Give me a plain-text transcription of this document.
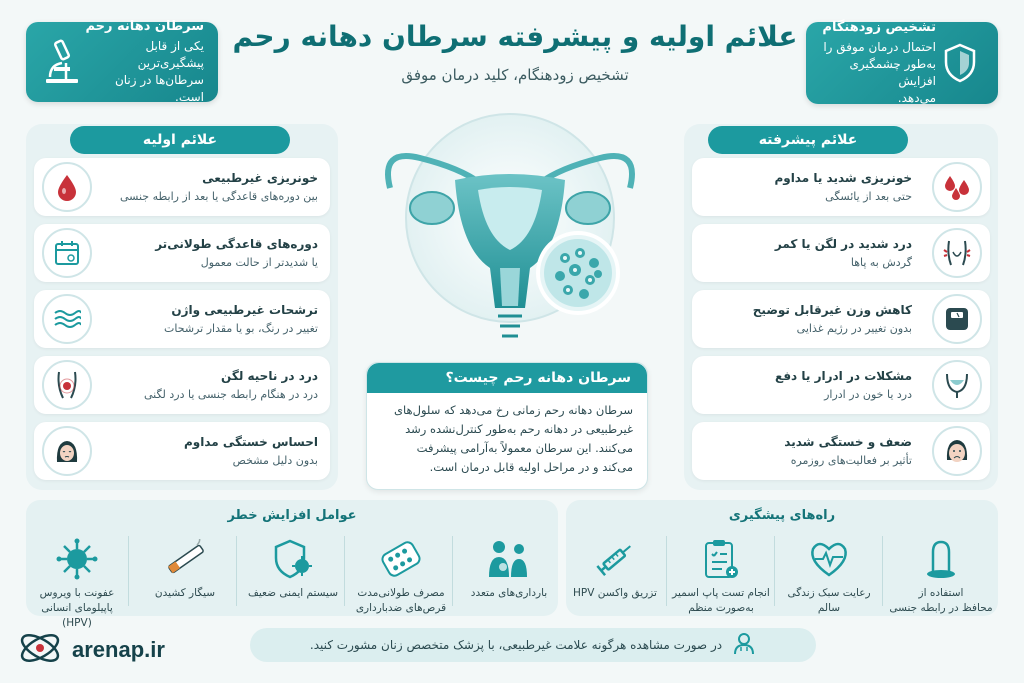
علائم اولیه و پیشرفته سرطان دهانه رحم
تشخیص زودهنگام، کلید درمان موفق
سرطان دهانه رحم
یکی از قابل پیشگیری‌ترین
سرطان‌ها در زنان است.
تشخیص زودهنگام
احتمال درمان موفق را
به‌طور چشمگیری افزایش
می‌دهد.
علائم اولیه
خونریزی غیرطبیعی
بین دوره‌های قاعدگی یا بعد از رابطه جنسی
دوره‌های قاعدگی طولانی‌تر
یا شدیدتر از حالت معمول
ترشحات غیرطبیعی واژن
تغییر در رنگ، بو یا مقدار ترشحات
درد در ناحیه لگن
درد در هنگام رابطه جنسی یا درد لگنی
احساس خستگی مداوم
بدون دلیل مشخص
علائم پیشرفته
خونریزی شدید یا مداوم
حتی بعد از یائسگی
درد شدید در لگن یا کمر
گردش به پاها
کاهش وزن غیرقابل توضیح
بدون تغییر در رژیم غذایی
مشکلات در ادرار یا دفع
درد یا خون در ادرار
ضعف و خستگی شدید
تأثیر بر فعالیت‌های روزمره
سرطان دهانه رحم چیست؟
سرطان دهانه رحم زمانی رخ می‌دهد که سلول‌های
غیرطبیعی در دهانه رحم به‌طور کنترل‌نشده رشد
می‌کنند. این سرطان معمولاً به‌آرامی پیشرفت
می‌کند و در مراحل اولیه قابل درمان است.
عوامل افزایش خطر
بارداری‌های متعدد
مصرف طولانی‌مدت
قرص‌های ضدبارداری
سیستم ایمنی ضعیف
سیگار کشیدن
عفونت با ویروس
پاپیلومای انسانی (HPV)
راه‌های پیشگیری
استفاده از
محافظ در رابطه جنسی
رعایت سبک زندگی
سالم
انجام تست پاپ اسمیر
به‌صورت منظم
تزریق واکسن HPV
arenap.ir	در صورت مشاهده هرگونه علامت غیرطبیعی، با پزشک متخصص زنان مشورت کنید.
